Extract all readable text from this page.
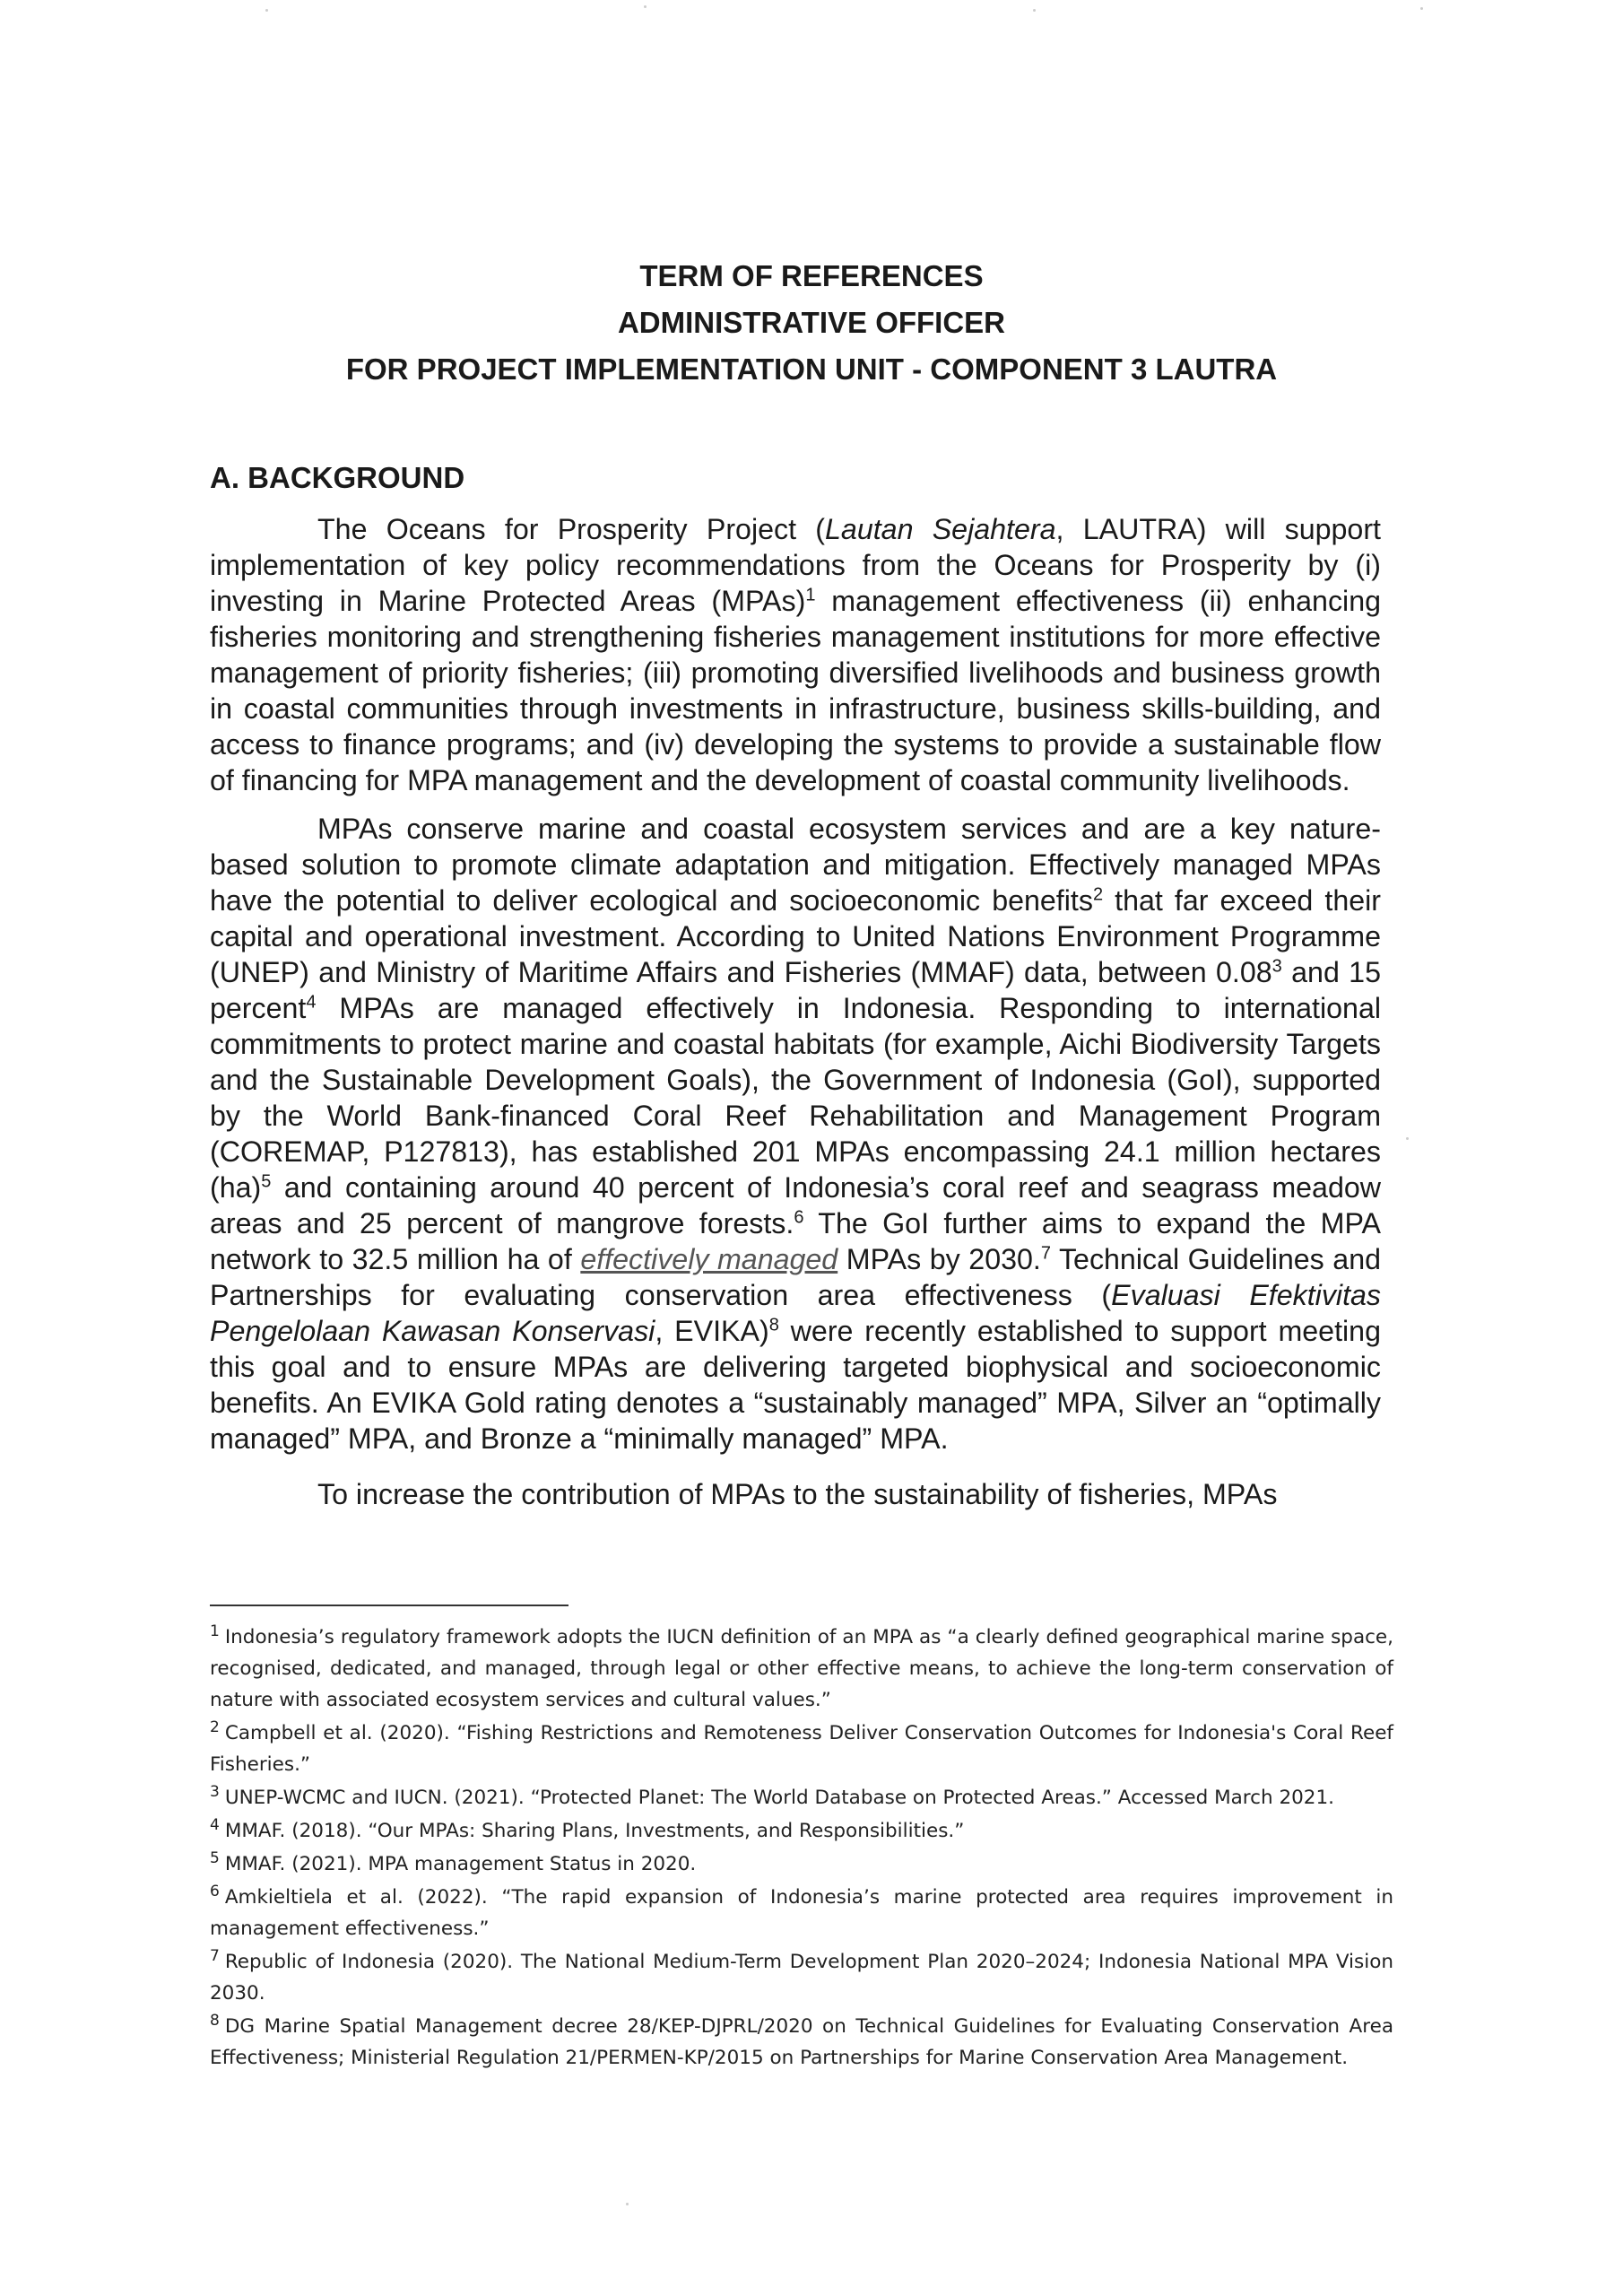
TERM OF REFERENCES
ADMINISTRATIVE OFFICER
FOR PROJECT IMPLEMENTATION UNIT - COMPONENT 3 LAUTRA
A. BACKGROUND

The Oceans for Prosperity Project (Lautan Sejahtera, LAUTRA) will support implementation of key policy recommendations from the Oceans for Prosperity by (i) investing in Marine Protected Areas (MPAs)$^1$ management effectiveness (ii) enhancing fisheries monitoring and strengthening fisheries management institutions for more effective management of priority fisheries; (iii) promoting diversified livelihoods and business growth in coastal communities through investments in infrastructure, business skills-building, and access to finance programs; and (iv) developing the systems to provide a sustainable flow of financing for MPA management and the development of coastal community livelihoods.

MPAs conserve marine and coastal ecosystem services and are a key nature-based solution to promote climate adaptation and mitigation. Effectively managed MPAs have the potential to deliver ecological and socioeconomic benefits$^2$ that far exceed their capital and operational investment. According to United Nations Environment Programme (UNEP) and Ministry of Maritime Affairs and Fisheries (MMAF) data, between 0.08$^3$ and 15 percent$^4$ MPAs are managed effectively in Indonesia. Responding to international commitments to protect marine and coastal habitats (for example, Aichi Biodiversity Targets and the Sustainable Development Goals), the Government of Indonesia (GoI), supported by the World Bank-financed Coral Reef Rehabilitation and Management Program (COREMAP, P127813), has established 201 MPAs encompassing 24.1 million hectares (ha)$^5$ and containing around 40 percent of Indonesia’s coral reef and seagrass meadow areas and 25 percent of mangrove forests.$^6$ The GoI further aims to expand the MPA network to 32.5 million ha of effectively managed MPAs by 2030.$^7$ Technical Guidelines and Partnerships for evaluating conservation area effectiveness (Evaluasi Efektivitas Pengelolaan Kawasan Konservasi, EVIKA)$^8$ were recently established to support meeting this goal and to ensure MPAs are delivering targeted biophysical and socioeconomic benefits. An EVIKA Gold rating denotes a “sustainably managed” MPA, Silver an “optimally managed” MPA, and Bronze a “minimally managed” MPA.

To increase the contribution of MPAs to the sustainability of fisheries, MPAs

$^1$ Indonesia’s regulatory framework adopts the IUCN definition of an MPA as “a clearly defined geographical marine space, recognised, dedicated, and managed, through legal or other effective means, to achieve the long-term conservation of nature with associated ecosystem services and cultural values.”
$^2$ Campbell et al. (2020). “Fishing Restrictions and Remoteness Deliver Conservation Outcomes for Indonesia's Coral Reef Fisheries.”
$^3$ UNEP-WCMC and IUCN. (2021). “Protected Planet: The World Database on Protected Areas.” Accessed March 2021.
$^4$ MMAF. (2018). “Our MPAs: Sharing Plans, Investments, and Responsibilities.”
$^5$ MMAF. (2021). MPA management Status in 2020.
$^6$ Amkieltiela et al. (2022). “The rapid expansion of Indonesia’s marine protected area requires improvement in management effectiveness.”
$^7$ Republic of Indonesia (2020). The National Medium-Term Development Plan 2020–2024; Indonesia National MPA Vision 2030.
$^8$ DG Marine Spatial Management decree 28/KEP-DJPRL/2020 on Technical Guidelines for Evaluating Conservation Area Effectiveness; Ministerial Regulation 21/PERMEN-KP/2015 on Partnerships for Marine Conservation Area Management.
